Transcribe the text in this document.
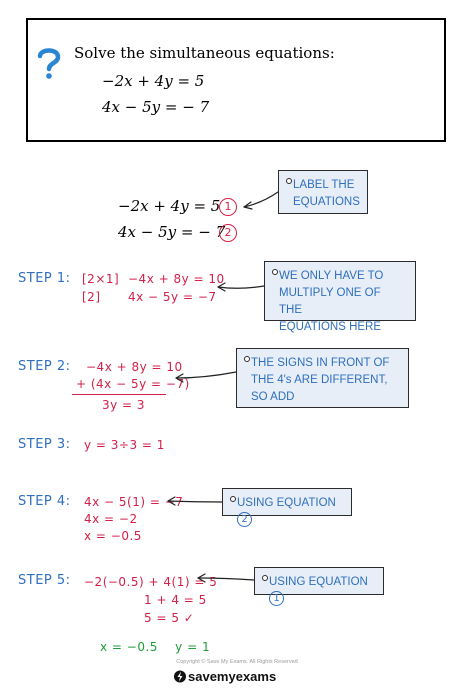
Solve the simultaneous equations:
−2x + 4y = 5
4x − 5y = − 7
−2x + 4y = 5 1
4x − 5y = − 7 2
LABEL THE
EQUATIONS
STEP 1: [2×1] −4x + 8y = 10
[2] 4x − 5y = −7
WE ONLY HAVE TO
MULTIPLY ONE OF THE
EQUATIONS HERE
STEP 2: −4x + 8y = 10
+ (4x − 5y = −7)
3y = 3
THE SIGNS IN FRONT OF
THE 4's ARE DIFFERENT,
SO ADD
STEP 3: y = 3÷3 = 1
STEP 4: 4x − 5(1) = −7
4x = −2
x = −0.5
USING EQUATION 2
STEP 5: −2(−0.5) + 4(1) = 5
1 + 4 = 5
5 = 5 ✓
USING EQUATION 1
x = −0.5    y = 1
Copyright © Save My Exams. All Rights Reserved
savemyexams
